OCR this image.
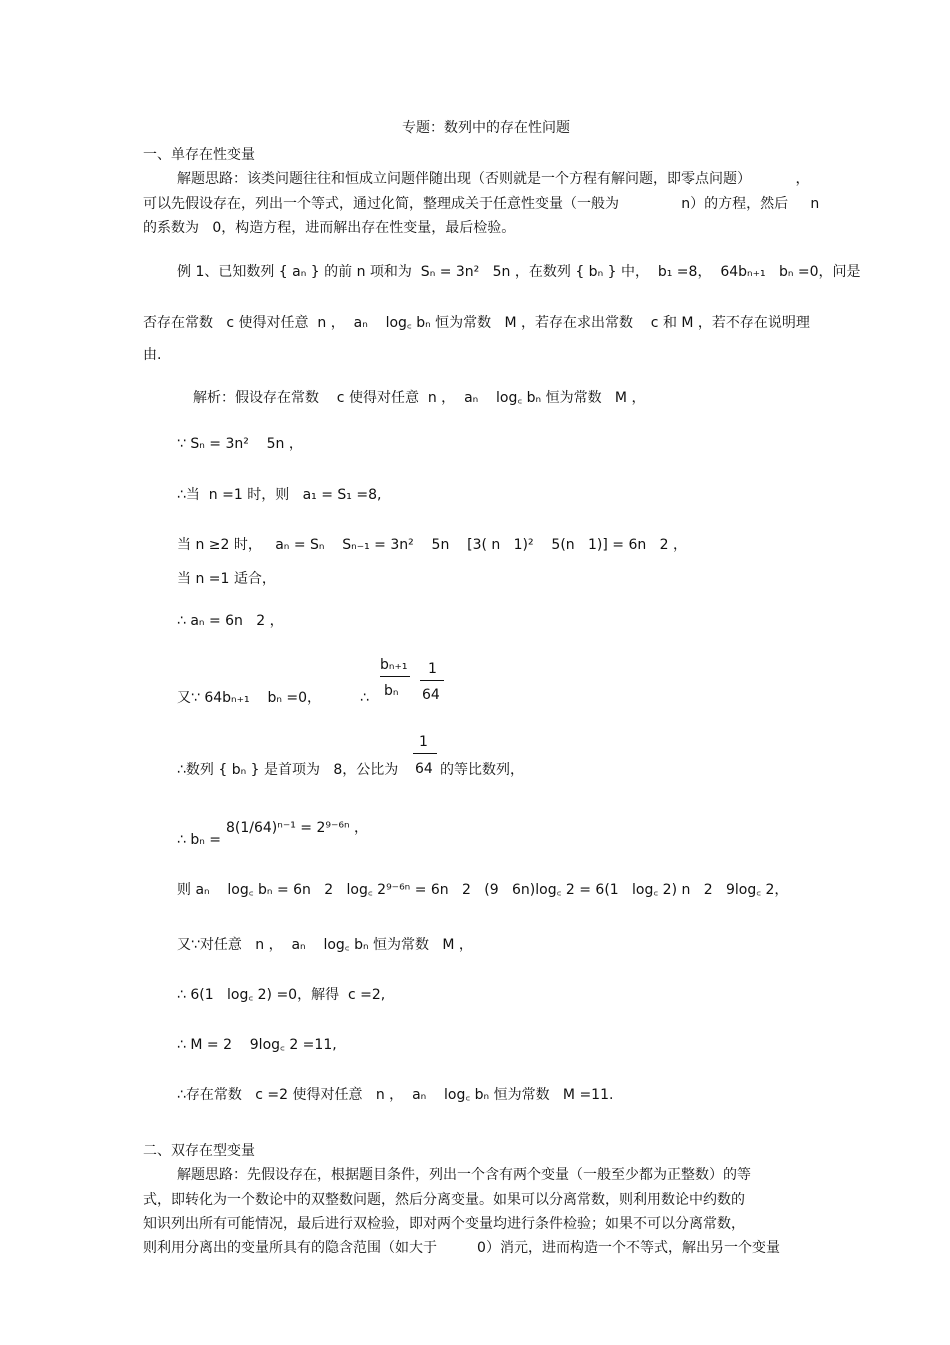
专题：数列中的存在性问题
一、单存在性变量
解题思路：该类问题往往和恒成立问题伴随出现（否则就是一个方程有解问题，即零点问题）          ，
可以先假设存在，列出一个等式，通过化简，整理成关于任意性变量（一般为              n）的方程，然后     n
的系数为   0，构造方程，进而解出存在性变量，最后检验。
例 1、已知数列 { aₙ } 的前 n 项和为  Sₙ = 3n²   5n ，在数列 { bₙ } 中，  b₁ =8，  64bₙ₊₁   bₙ =0，问是
否存在常数   c 使得对任意  n ，  aₙ    log꜀ bₙ 恒为常数   M ，若存在求出常数    c 和 M ，若不存在说明理
由.
解析：假设存在常数    c 使得对任意  n ，  aₙ    log꜀ bₙ 恒为常数   M ，
∵ Sₙ = 3n²    5n ，
∴当  n =1 时，则   a₁ = S₁ =8,
当 n ≥2 时，   aₙ = Sₙ    Sₙ₋₁ = 3n²    5n    [3( n   1)²    5(n   1)] = 6n   2 ，
当 n =1 适合，
∴ aₙ = 6n   2 ，
又∵ 64bₙ₊₁    bₙ =0，	∴
bₙ₊₁
bₙ
1
64
∴数列 { bₙ } 是首项为   8，公比为
1
64 的等比数列，
∴ bₙ =
8(1/64)ⁿ⁻¹ = 2⁹⁻⁶ⁿ ，
则 aₙ    log꜀ bₙ = 6n   2   log꜀ 2⁹⁻⁶ⁿ = 6n   2   (9   6n)log꜀ 2 = 6(1   log꜀ 2) n   2   9log꜀ 2，
又∵对任意   n ，  aₙ    log꜀ bₙ 恒为常数   M ，
∴ 6(1   log꜀ 2) =0，解得  c =2,
∴ M = 2    9log꜀ 2 =11,
∴存在常数   c =2 使得对任意   n ，  aₙ    log꜀ bₙ 恒为常数   M =11.
二、双存在型变量
解题思路：先假设存在，根据题目条件，列出一个含有两个变量（一般至少都为正整数）的等
式，即转化为一个数论中的双整数问题，然后分离变量。如果可以分离常数，则利用数论中约数的
知识列出所有可能情况，最后进行双检验，即对两个变量均进行条件检验；如果不可以分离常数，
则利用分离出的变量所具有的隐含范围（如大于         0）消元，进而构造一个不等式，解出另一个变量
